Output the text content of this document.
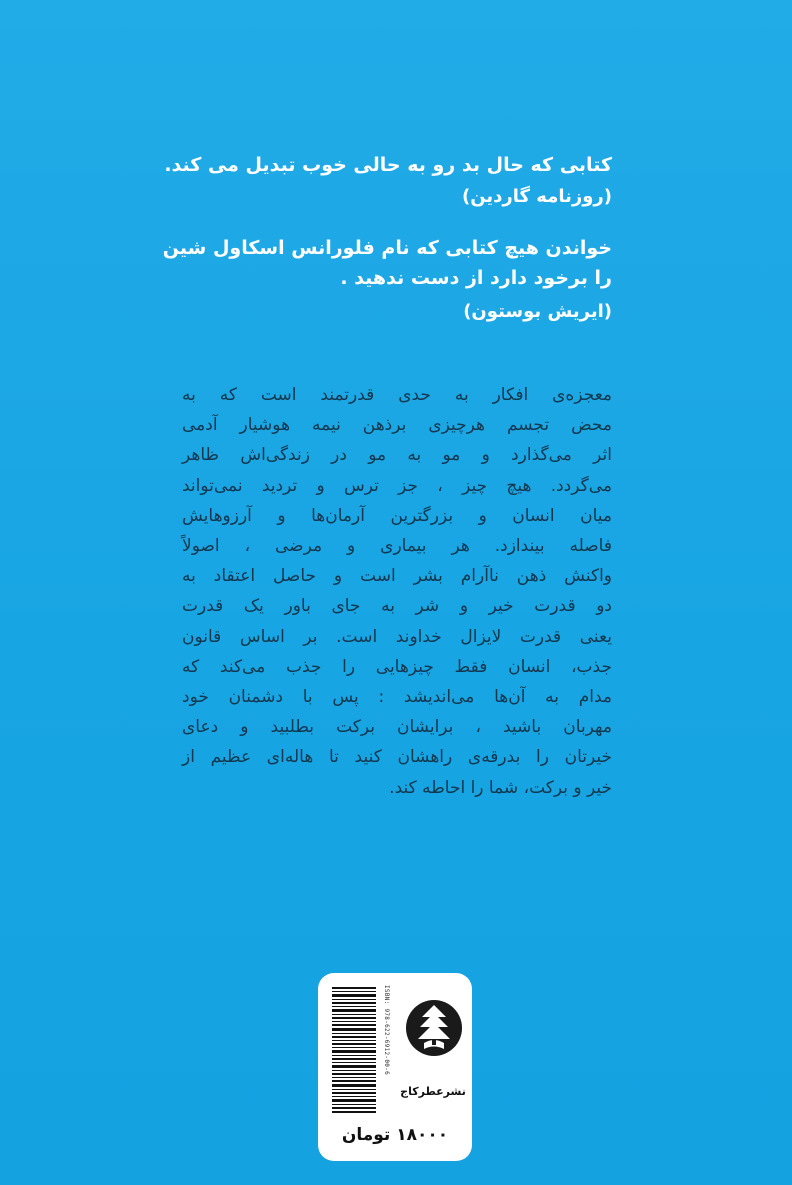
کتابی که حال بد رو به حالی خوب تبدیل می کند.
(روزنامه گاردین)
خواندن هیچ کتابی که نام فلورانس اسکاول شین
را برخود دارد از دست ندهید .
(ایریش بوستون)
معجزه‌ی افکار به حدی قدرتمند است که به
محض تجسم هرچیزی برذهن نیمه هوشیار آدمی
اثر می‌گذارد و مو به مو در زندگی‌اش ظاهر
می‌گردد. هیچ چیز ، جز ترس و تردید نمی‌تواند
میان انسان و بزرگترین آرمان‌ها و آرزوهایش
فاصله بیندازد. هر بیماری و مرضی ، اصولاً
واکنش ذهن ناآرام بشر است و حاصل اعتقاد به
دو قدرت خیر و شر به جای باور یک قدرت
یعنی قدرت لایزال خداوند است. بر اساس قانون
جذب، انسان فقط چیزهایی را جذب می‌کند که
مدام به آن‌ها می‌اندیشد : پس با دشمنان خود
مهربان باشید ، برایشان برکت بطلبید و دعای
خیرتان را بدرقه‌ی راهشان کنید تا هاله‌ای عظیم از
خیر و برکت، شما را احاطه کند.
ISBN: 978-622-6912-00-6
نشرعطرکاج
۱۸۰۰۰ تومان
